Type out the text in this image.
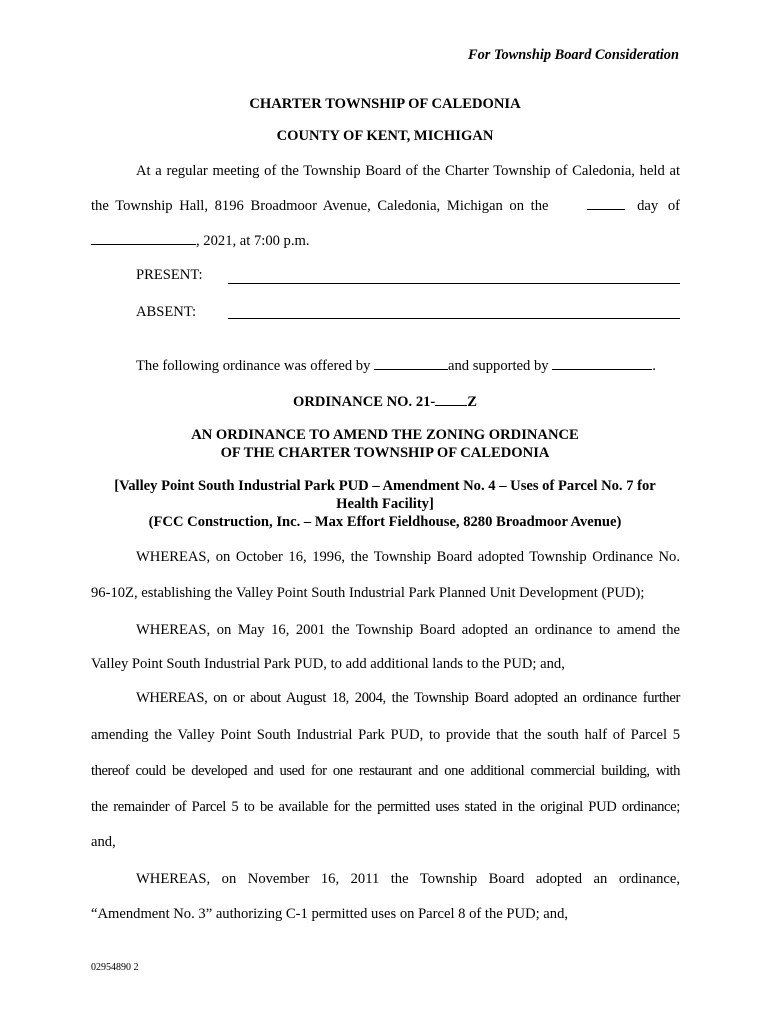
For Township Board Consideration
CHARTER TOWNSHIP OF CALEDONIA
COUNTY OF KENT, MICHIGAN
At a regular meeting of the Township Board of the Charter Township of Caledonia, held at
the Township Hall, 8196 Broadmoor Avenue, Caledonia, Michigan on the	day of
, 2021, at 7:00 p.m.
PRESENT:
ABSENT:
The following ordinance was offered by	and supported by	.
ORDINANCE NO. 21- Z
AN ORDINANCE TO AMEND THE ZONING ORDINANCE
OF THE CHARTER TOWNSHIP OF CALEDONIA
[Valley Point South Industrial Park PUD – Amendment No. 4 – Uses of Parcel No. 7 for
Health Facility]
(FCC Construction, Inc. – Max Effort Fieldhouse, 8280 Broadmoor Avenue)
WHEREAS, on October 16, 1996, the Township Board adopted Township Ordinance No.
96-10Z, establishing the Valley Point South Industrial Park Planned Unit Development (PUD);
WHEREAS, on May 16, 2001 the Township Board adopted an ordinance to amend the
Valley Point South Industrial Park PUD, to add additional lands to the PUD; and,
WHEREAS, on or about August 18, 2004, the Township Board adopted an ordinance further
amending the Valley Point South Industrial Park PUD, to provide that the south half of Parcel 5
thereof could be developed and used for one restaurant and one additional commercial building, with
the remainder of Parcel 5 to be available for the permitted uses stated in the original PUD ordinance;
and,
WHEREAS, on November 16, 2011 the Township Board adopted an ordinance,
“Amendment No. 3” authorizing C-1 permitted uses on Parcel 8 of the PUD; and,
02954890 2
